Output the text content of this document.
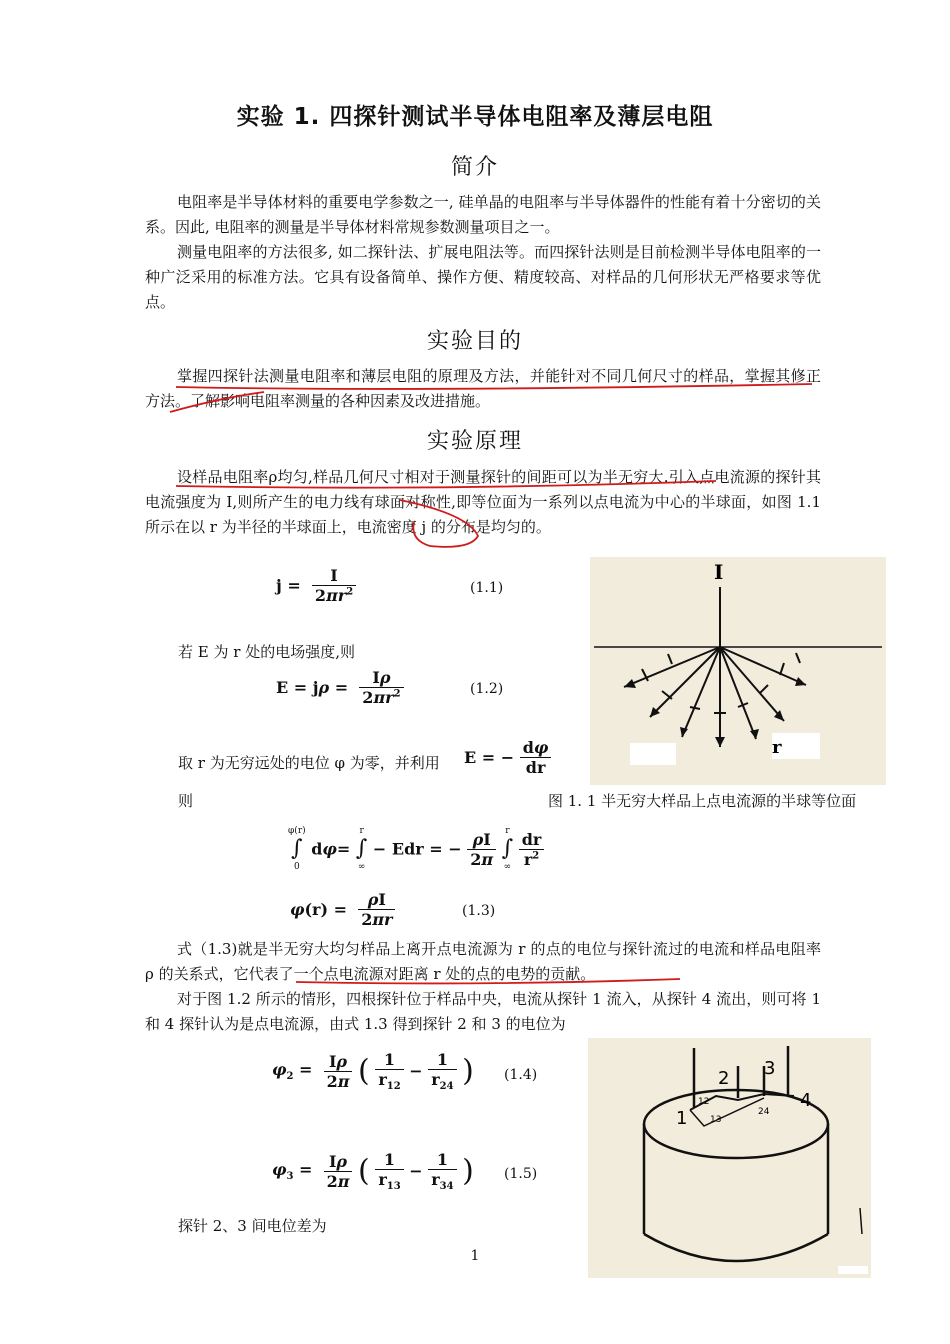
实验 1. 四探针测试半导体电阻率及薄层电阻
简介
电阻率是半导体材料的重要电学参数之一, 硅单晶的电阻率与半导体器件的性能有着十分密切的关系。因此, 电阻率的测量是半导体材料常规参数测量项目之一。
测量电阻率的方法很多, 如二探针法、扩展电阻法等。而四探针法则是目前检测半导体电阻率的一种广泛采用的标准方法。它具有设备简单、操作方便、精度较高、对样品的几何形状无严格要求等优点。
实验目的
掌握四探针法测量电阻率和薄层电阻的原理及方法，并能针对不同几何尺寸的样品，掌握其修正方法。了解影响电阻率测量的各种因素及改进措施。
实验原理
设样品电阻率ρ均匀,样品几何尺寸相对于测量探针的间距可以为半无穷大.引入点电流源的探针其电流强度为 I,则所产生的电力线有球面对称性,即等位面为一系列以点电流为中心的半球面，如图 1.1 所示在以 r 为半径的半球面上，电流密度 j 的分布是均匀的。
$j = \frac{I}{2\pi r^2}$	(1.1)
若 E 为 r 处的电场强度,则
$E = j\rho = \frac{I\rho}{2\pi r^2}$	(1.2)
取 r 为无穷远处的电位 φ 为零，并利用 E = − $\frac{d\varphi}{dr}$
则
φ(r)
∫
0 dφ= r
∫
∞ − Edr = − $\frac{\rho I}{2\pi}$ r
∫
∞ $\frac{dr}{r^2}$
$\varphi(r) = \frac{\rho I}{2\pi r}$	(1.3)
式（1.3)就是半无穷大均匀样品上离开点电流源为 r 的点的电位与探针流过的电流和样品电阻率 ρ 的关系式，它代表了一个点电流源对距离 r 处的点的电势的贡献。
对于图 1.2 所示的情形，四根探针位于样品中央，电流从探针 1 流入，从探针 4 流出，则可将 1 和 4 探针认为是点电流源，由式 1.3 得到探针 2 和 3 的电位为
$\varphi_2 = \frac{I\rho}{2\pi}$ ( $\frac{1}{r_{12}} - \frac{1}{r_{24}}$ ) (1.4)
$\varphi_3 = \frac{I\rho}{2\pi}$ ( $\frac{1}{r_{13}} - \frac{1}{r_{34}}$ ) (1.5)
探针 2、3 间电位差为
1
I
r
图 1. 1 半无穷大样品上点电流源的半球等位面
1
2 3
4
12
13
24
